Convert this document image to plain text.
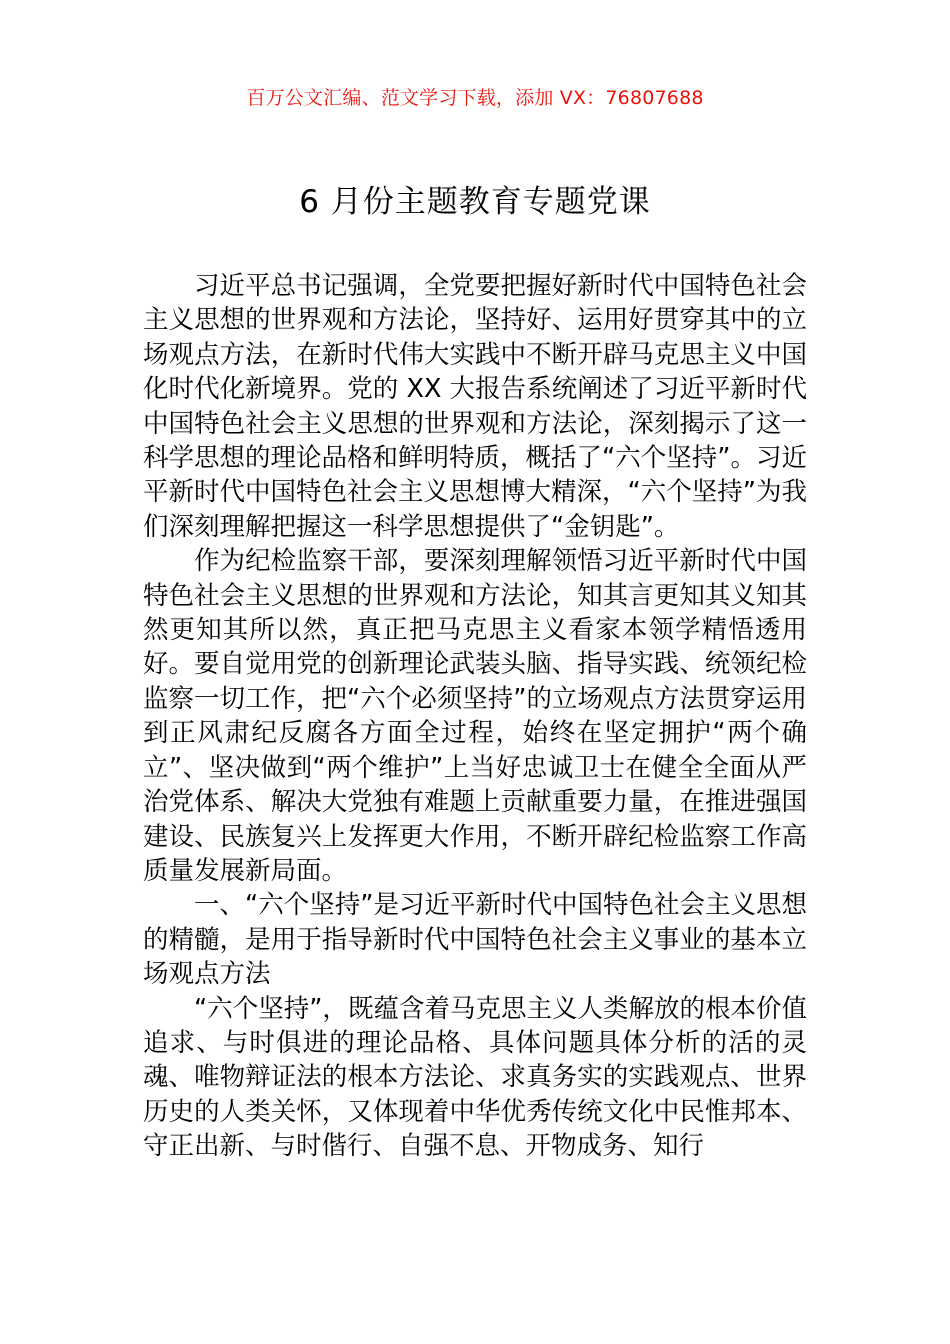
百万公文汇编、范文学习下载，添加 VX：76807688
6 月份主题教育专题党课

习近平总书记强调，全党要把握好新时代中国特色社会主义思想的世界观和方法论，坚持好、运用好贯穿其中的立场观点方法，在新时代伟大实践中不断开辟马克思主义中国化时代化新境界。党的 XX 大报告系统阐述了习近平新时代中国特色社会主义思想的世界观和方法论，深刻揭示了这一科学思想的理论品格和鲜明特质，概括了“六个坚持”。习近平新时代中国特色社会主义思想博大精深，“六个坚持”为我们深刻理解把握这一科学思想提供了“金钥匙”。

作为纪检监察干部，要深刻理解领悟习近平新时代中国特色社会主义思想的世界观和方法论，知其言更知其义知其然更知其所以然，真正把马克思主义看家本领学精悟透用好。要自觉用党的创新理论武装头脑、指导实践、统领纪检监察一切工作，把“六个必须坚持”的立场观点方法贯穿运用到正风肃纪反腐各方面全过程，始终在坚定拥护“两个确立”、坚决做到“两个维护”上当好忠诚卫士在健全全面从严治党体系、解决大党独有难题上贡献重要力量，在推进强国建设、民族复兴上发挥更大作用，不断开辟纪检监察工作高质量发展新局面。

一、“六个坚持”是习近平新时代中国特色社会主义思想的精髓，是用于指导新时代中国特色社会主义事业的基本立场观点方法

“六个坚持”，既蕴含着马克思主义人类解放的根本价值追求、与时俱进的理论品格、具体问题具体分析的活的灵魂、唯物辩证法的根本方法论、求真务实的实践观点、世界历史的人类关怀，又体现着中华优秀传统文化中民惟邦本、守正出新、与时偕行、自强不息、开物成务、知行
